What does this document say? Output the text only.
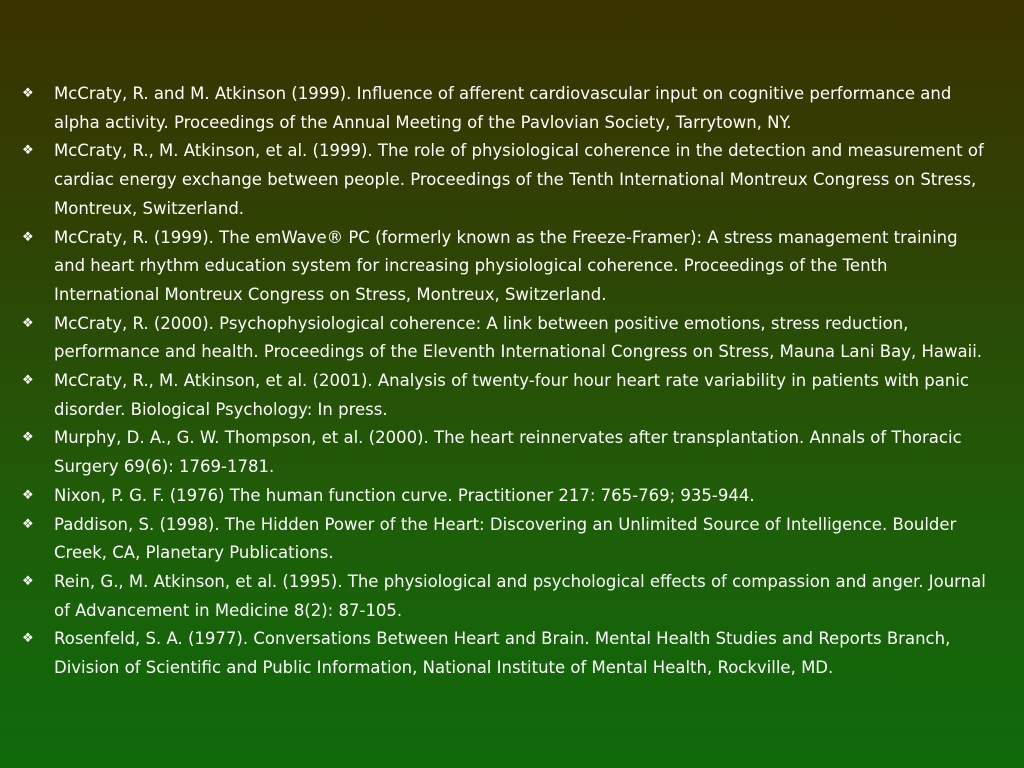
❖ McCraty, R. and M. Atkinson (1999). Influence of afferent cardiovascular input on cognitive performance and alpha activity. Proceedings of the Annual Meeting of the Pavlovian Society, Tarrytown, NY.
❖ McCraty, R., M. Atkinson, et al. (1999). The role of physiological coherence in the detection and measurement of cardiac energy exchange between people. Proceedings of the Tenth International Montreux Congress on Stress, Montreux, Switzerland.
❖ McCraty, R. (1999). The emWave® PC (formerly known as the Freeze-Framer): A stress management training and heart rhythm education system for increasing physiological coherence. Proceedings of the Tenth International Montreux Congress on Stress, Montreux, Switzerland.
❖ McCraty, R. (2000). Psychophysiological coherence: A link between positive emotions, stress reduction, performance and health. Proceedings of the Eleventh International Congress on Stress, Mauna Lani Bay, Hawaii.
❖ McCraty, R., M. Atkinson, et al. (2001). Analysis of twenty-four hour heart rate variability in patients with panic disorder. Biological Psychology: In press.
❖ Murphy, D. A., G. W. Thompson, et al. (2000). The heart reinnervates after transplantation. Annals of Thoracic Surgery 69(6): 1769-1781.
❖ Nixon, P. G. F. (1976) The human function curve. Practitioner 217: 765-769; 935-944.
❖ Paddison, S. (1998). The Hidden Power of the Heart: Discovering an Unlimited Source of Intelligence. Boulder Creek, CA, Planetary Publications.
❖ Rein, G., M. Atkinson, et al. (1995). The physiological and psychological effects of compassion and anger. Journal of Advancement in Medicine 8(2): 87-105.
❖ Rosenfeld, S. A. (1977). Conversations Between Heart and Brain. Mental Health Studies and Reports Branch, Division of Scientific and Public Information, National Institute of Mental Health, Rockville, MD.
